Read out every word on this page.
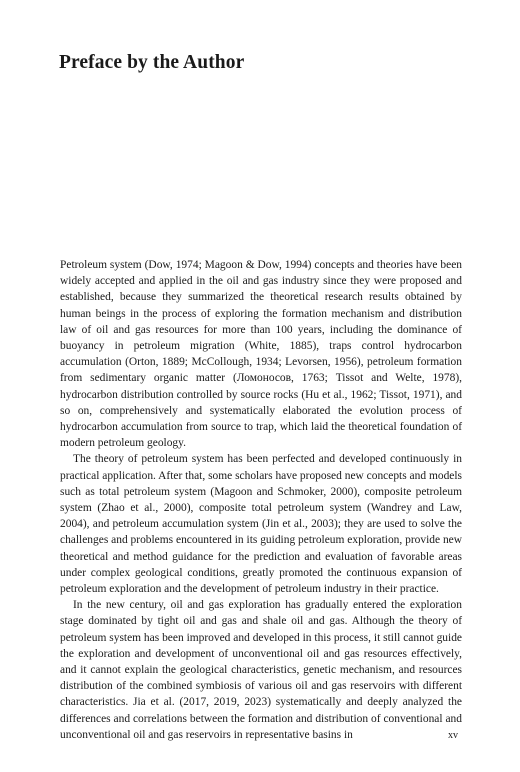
Preface by the Author

Petroleum system (Dow, 1974; Magoon & Dow, 1994) concepts and theories have been widely accepted and applied in the oil and gas industry since they were proposed and established, because they summarized the theoretical research results obtained by human beings in the process of exploring the formation mechanism and distribution law of oil and gas resources for more than 100 years, including the dominance of buoyancy in petroleum migration (White, 1885), traps control hydrocarbon accumulation (Orton, 1889; McCollough, 1934; Levorsen, 1956), petroleum formation from sedimentary organic matter (Ломоносов, 1763; Tissot and Welte, 1978), hydrocarbon distribution controlled by source rocks (Hu et al., 1962; Tissot, 1971), and so on, comprehensively and systematically elaborated the evolution process of hydrocarbon accumulation from source to trap, which laid the theoretical foundation of modern petroleum geology.

The theory of petroleum system has been perfected and developed continuously in practical application. After that, some scholars have proposed new concepts and models such as total petroleum system (Magoon and Schmoker, 2000), composite petroleum system (Zhao et al., 2000), composite total petroleum system (Wandrey and Law, 2004), and petroleum accumulation system (Jin et al., 2003); they are used to solve the challenges and problems encountered in its guiding petroleum exploration, provide new theoretical and method guidance for the prediction and evaluation of favorable areas under complex geological conditions, greatly promoted the continuous expansion of petroleum exploration and the development of petroleum industry in their practice.

In the new century, oil and gas exploration has gradually entered the exploration stage dominated by tight oil and gas and shale oil and gas. Although the theory of petroleum system has been improved and developed in this process, it still cannot guide the exploration and development of unconventional oil and gas resources effectively, and it cannot explain the geological characteristics, genetic mechanism, and resources distribution of the combined symbiosis of various oil and gas reservoirs with different characteristics. Jia et al. (2017, 2019, 2023) systematically and deeply analyzed the differences and correlations between the formation and distribution of conventional and unconventional oil and gas reservoirs in representative basins in	xv
